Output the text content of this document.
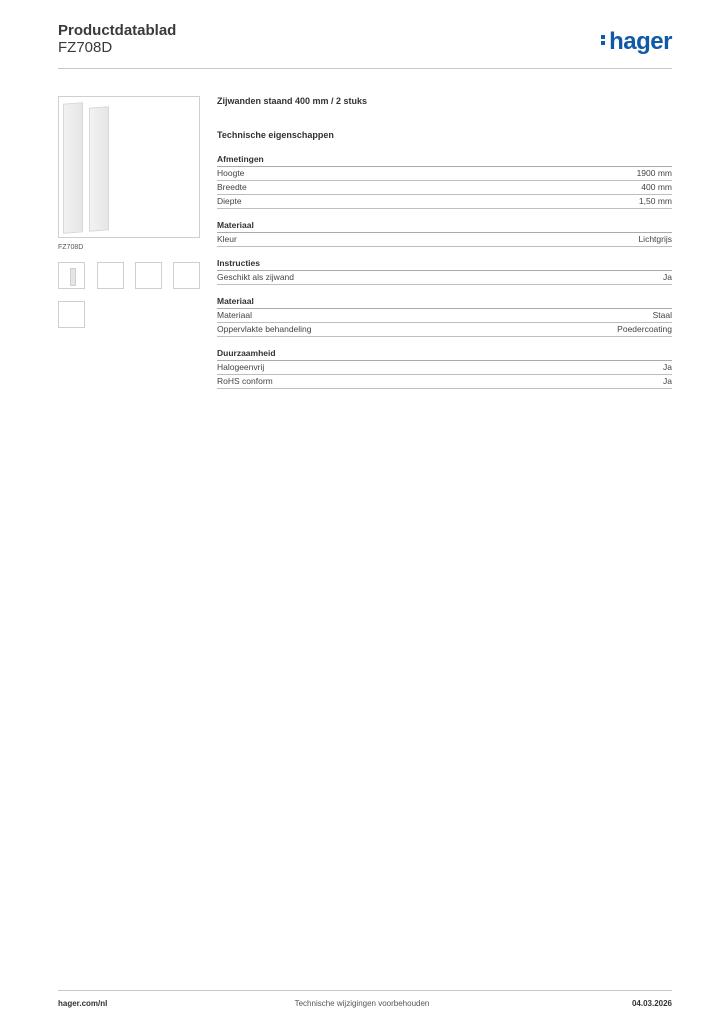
Productdatablad
FZ708D	hager
FZ708D
Zijwanden staand 400 mm / 2 stuks
Technische eigenschappen
Afmetingen
Hoogte	1900 mm
Breedte	400 mm
Diepte	1,50 mm
Materiaal
Kleur	Lichtgrijs
Instructies
Geschikt als zijwand	Ja
Materiaal
Materiaal	Staal
Oppervlakte behandeling	Poedercoating
Duurzaamheid
Halogeenvrij	Ja
RoHS conform	Ja
Technische wijzigingen voorbehouden
hager.com/nl	04.03.2026
